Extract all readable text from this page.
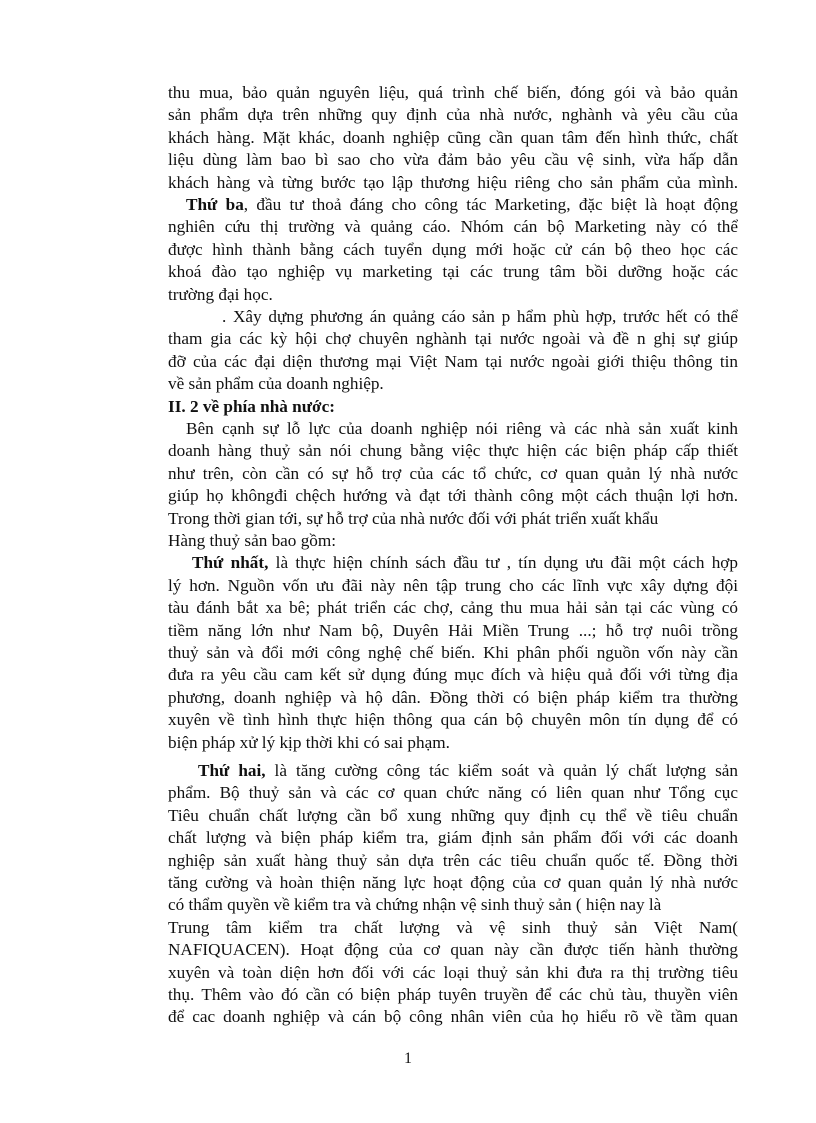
thu mua, bảo quản nguyên liệu, quá trình chế biến, đóng gói và bảo quản
sản phẩm dựa trên những quy định của nhà nước, nghành và yêu cầu của
khách hàng. Mặt khác, doanh nghiệp cũng cần quan tâm đến hình thức, chất
liệu dùng làm bao bì sao cho vừa đảm bảo yêu cầu vệ sinh, vừa hấp dẫn
khách hàng và từng bước tạo lập thương hiệu riêng cho sản phẩm của mình.
Thứ ba, đầu tư thoả đáng cho công tác Marketing, đặc biệt là hoạt động
nghiên cứu thị trường và quảng cáo. Nhóm cán bộ Marketing này có thể
được hình thành bằng cách tuyển dụng mới hoặc cử cán bộ theo học các
khoá đào tạo nghiệp vụ marketing tại các trung tâm bồi dưỡng hoặc các
trường đại học.
. Xây dựng phương án quảng cáo sản p hẩm phù hợp, trước hết có thể
tham gia các kỳ hội chợ chuyên nghành tại nước ngoài và đề n ghị sự giúp
đỡ của các đại diện thương mại Việt Nam tại nước ngoài giới thiệu thông tin
về sản phẩm của doanh nghiệp.
II. 2 về phía nhà nước:
Bên cạnh sự lỗ lực của doanh nghiệp nói riêng và các nhà sản xuất kinh
doanh hàng thuỷ sản nói chung bằng việc thực hiện các biện pháp cấp thiết
như trên, còn cần có sự hỗ trợ của các tổ chức, cơ quan quản lý nhà nước
giúp họ khôngđi chệch hướng và đạt tới thành công một cách thuận lợi hơn.
Trong thời gian tới, sự hỗ trợ của nhà nước đối với phát triển xuất khẩu
Hàng thuỷ sản bao gồm:
Thứ nhất, là thực hiện chính sách đầu tư , tín dụng ưu đãi một cách hợp
lý hơn. Nguồn vốn ưu đãi này nên tập trung cho các lĩnh vực xây dựng đội
tàu đánh bắt xa bê; phát triển các chợ, cảng thu mua hải sản tại các vùng có
tiềm năng lớn như Nam bộ, Duyên Hải Miền Trung ...; hỗ trợ nuôi trồng
thuỷ sản và đổi mới công nghệ chế biến. Khi phân phối nguồn vốn này cần
đưa ra yêu cầu cam kết sử dụng đúng mục đích và hiệu quả đối với từng địa
phương, doanh nghiệp và hộ dân. Đồng thời có biện pháp kiểm tra thường
xuyên về tình hình thực hiện thông qua cán bộ chuyên môn tín dụng để có
biện pháp xử lý kịp thời khi có sai phạm.
Thứ hai, là tăng cường công tác kiểm soát và quản lý chất lượng sản
phẩm. Bộ thuỷ sản và các cơ quan chức năng có liên quan như Tổng cục
Tiêu chuẩn chất lượng cần bổ xung những quy định cụ thể về tiêu chuẩn
chất lượng và biện pháp kiểm tra, giám định sản phẩm đối với các doanh
nghiệp sản xuất hàng thuỷ sản dựa trên các tiêu chuẩn quốc tế. Đồng thời
tăng cường và hoàn thiện năng lực hoạt động của cơ quan quản lý nhà nước
có thẩm quyền về kiểm tra và chứng nhận vệ sinh thuỷ sản ( hiện nay là
Trung tâm kiểm tra chất lượng và vệ sinh thuỷ sản Việt Nam(
NAFIQUACEN). Hoạt động của cơ quan này cần được tiến hành thường
xuyên và toàn diện hơn đối với các loại thuỷ sản khi đưa ra thị trường tiêu
thụ. Thêm vào đó cần có biện pháp tuyên truyền để các chủ tàu, thuyền viên
để cac doanh nghiệp và cán bộ công nhân viên của họ hiểu rõ về tầm quan
1
